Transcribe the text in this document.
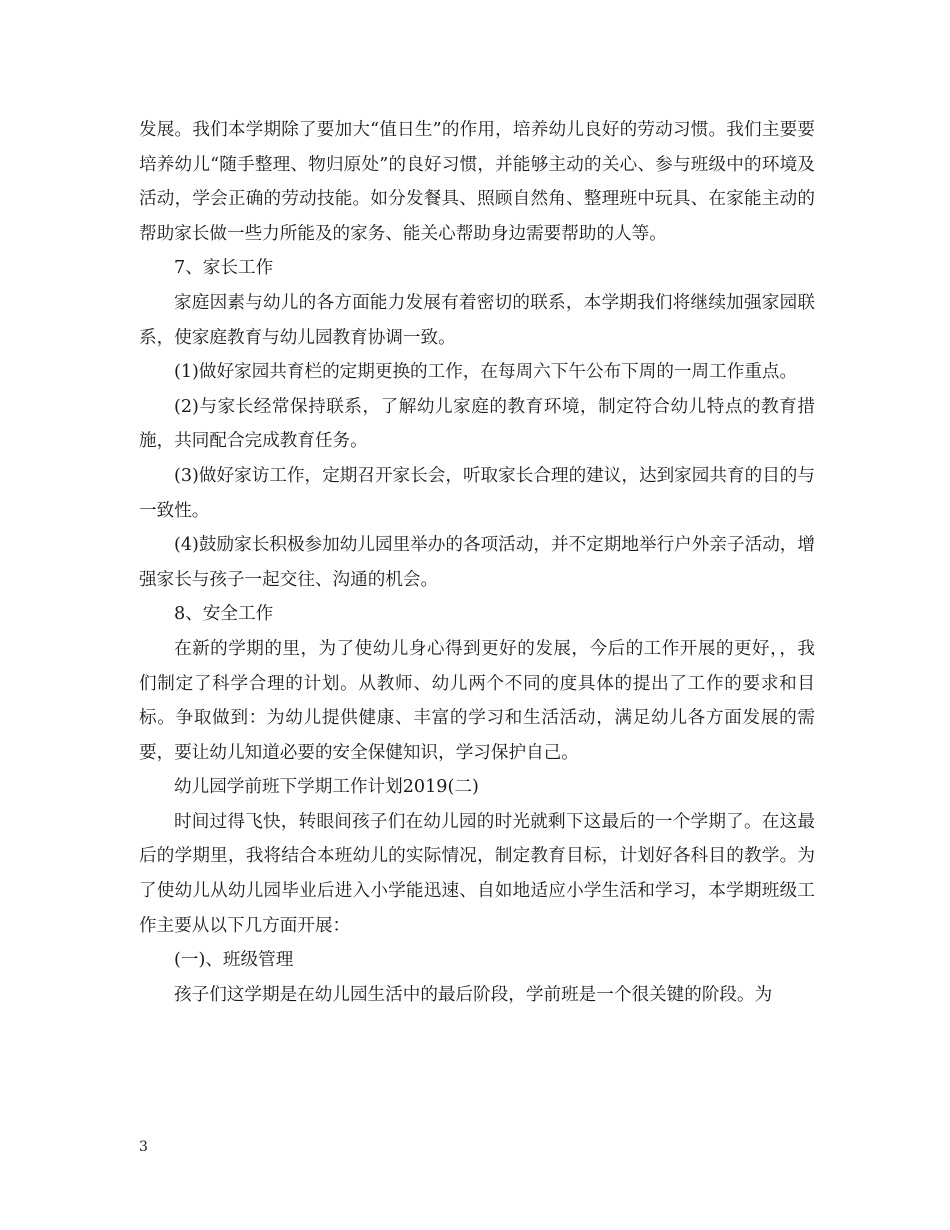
发展。我们本学期除了要加大“值日生”的作用，培养幼儿良好的劳动习惯。我们主要要培养幼儿“随手整理、物归原处”的良好习惯，并能够主动的关心、参与班级中的环境及活动，学会正确的劳动技能。如分发餐具、照顾自然角、整理班中玩具、在家能主动的帮助家长做一些力所能及的家务、能关心帮助身边需要帮助的人等。

7、家长工作

家庭因素与幼儿的各方面能力发展有着密切的联系，本学期我们将继续加强家园联系，使家庭教育与幼儿园教育协调一致。

(1)做好家园共育栏的定期更换的工作，在每周六下午公布下周的一周工作重点。

(2)与家长经常保持联系，了解幼儿家庭的教育环境，制定符合幼儿特点的教育措施，共同配合完成教育任务。

(3)做好家访工作，定期召开家长会，听取家长合理的建议，达到家园共育的目的与一致性。

(4)鼓励家长积极参加幼儿园里举办的各项活动，并不定期地举行户外亲子活动，增强家长与孩子一起交往、沟通的机会。

8、安全工作

在新的学期的里，为了使幼儿身心得到更好的发展，今后的工作开展的更好，，我们制定了科学合理的计划。从教师、幼儿两个不同的度具体的提出了工作的要求和目标。争取做到：为幼儿提供健康、丰富的学习和生活活动，满足幼儿各方面发展的需要，要让幼儿知道必要的安全保健知识，学习保护自己。

幼儿园学前班下学期工作计划2019(二)

时间过得飞快，转眼间孩子们在幼儿园的时光就剩下这最后的一个学期了。在这最后的学期里，我将结合本班幼儿的实际情况，制定教育目标，计划好各科目的教学。为了使幼儿从幼儿园毕业后进入小学能迅速、自如地适应小学生活和学习，本学期班级工作主要从以下几方面开展：

(一)、班级管理

孩子们这学期是在幼儿园生活中的最后阶段，学前班是一个很关键的阶段。为

3
